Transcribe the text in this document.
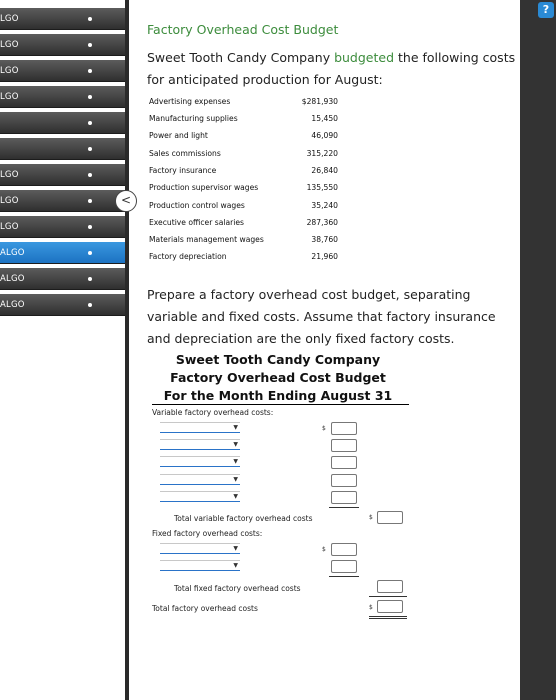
LGO
LGO
LGO
LGO
LGO
LGO
LGO
ALGO
ALGO
ALGO
<
?
Factory Overhead Cost Budget
Sweet Tooth Candy Company budgeted the following costs for anticipated production for August:
Advertising expenses	$281,930
Manufacturing supplies	15,450
Power and light	46,090
Sales commissions	315,220
Factory insurance	26,840
Production supervisor wages	135,550
Production control wages	35,240
Executive officer salaries	287,360
Materials management wages	38,760
Factory depreciation	21,960
Prepare a factory overhead cost budget, separating variable and fixed costs. Assume that factory insurance and depreciation are the only fixed factory costs.
Sweet Tooth Candy Company
Factory Overhead Cost Budget
For the Month Ending August 31
Variable factory overhead costs:
▼
▼
▼
▼
▼
$
Total variable factory overhead costs	$
Fixed factory overhead costs:
▼
▼
$
Total fixed factory overhead costs
Total factory overhead costs	$
